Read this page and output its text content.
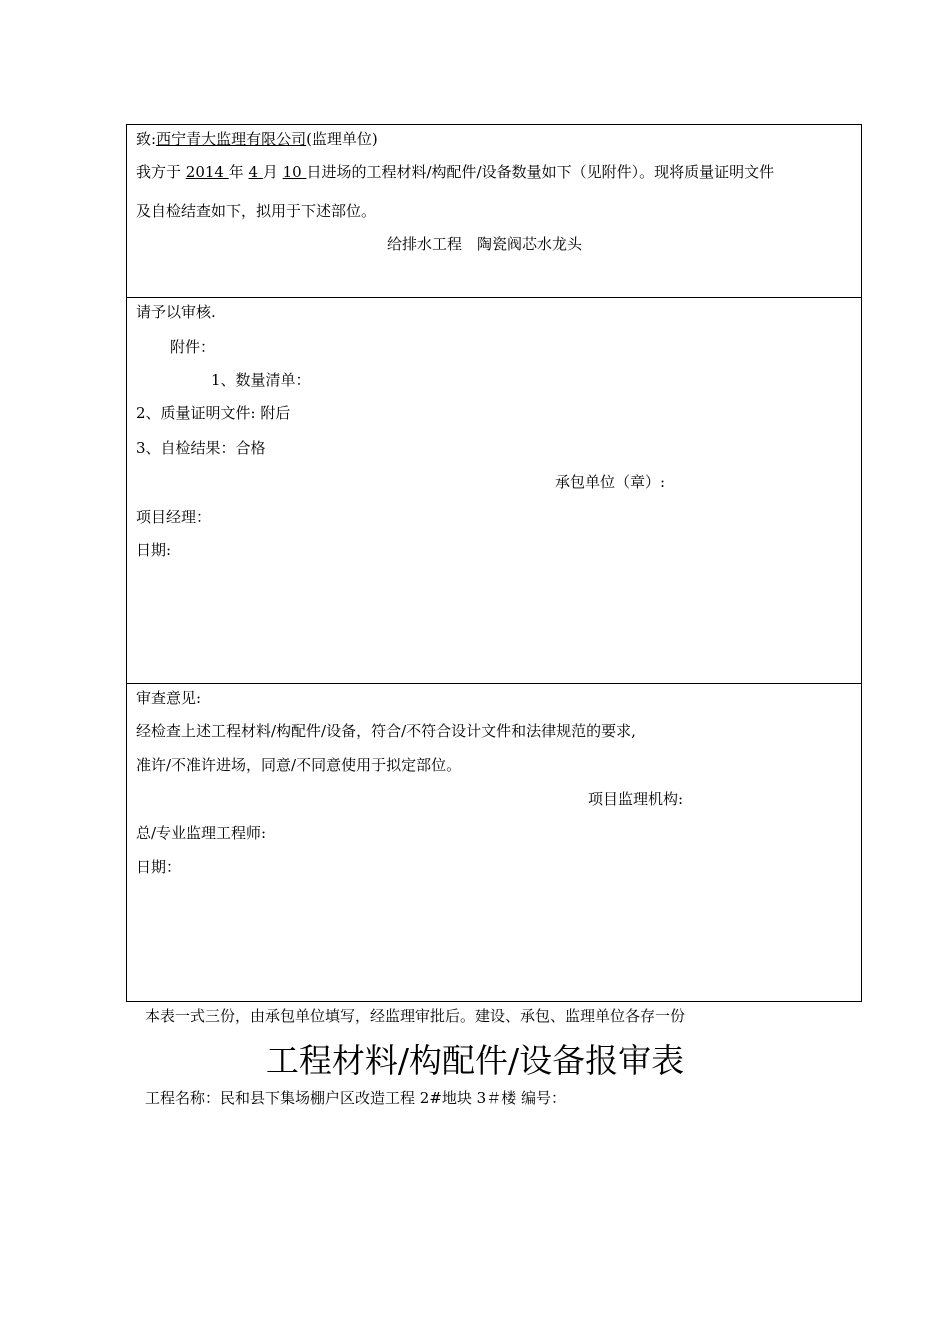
致:西宁青大监理有限公司(监理单位)
我方于 2014 年 4 月 10 日进场的工程材料/构配件/设备数量如下（见附件）。现将质量证明文件
及自检结查如下，拟用于下述部位。
给排水工程　陶瓷阀芯水龙头
请予以审核.
附件：
1、数量清单：
2、质量证明文件: 附后
3、自检结果：合格
承包单位（章）:
项目经理：
日期:
审查意见:
经检查上述工程材料/构配件/设备，符合/不符合设计文件和法律规范的要求,
准许/不准许进场，同意/不同意使用于拟定部位。
项目监理机构:
总/专业监理工程师:
日期：
本表一式三份，由承包单位填写，经监理审批后。建设、承包、监理单位各存一份
工程材料/构配件/设备报审表
工程名称：民和县下集场棚户区改造工程 2#地块 3＃楼 编号：
